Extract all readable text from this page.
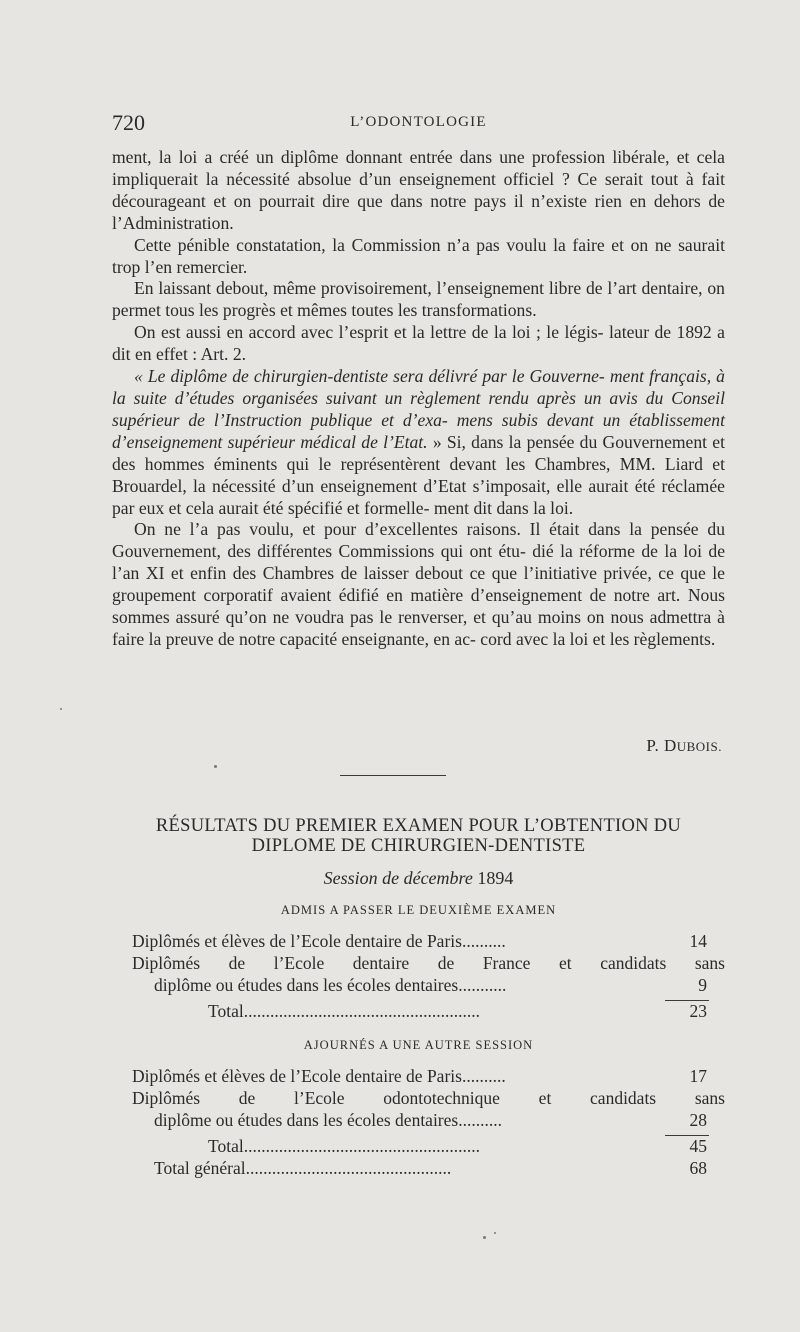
720	L’ODONTOLOGIE

ment, la loi a créé un diplôme donnant entrée dans une profession libérale, et cela impliquerait la nécessité absolue d’un enseignement officiel ? Ce serait tout à fait décourageant et on pourrait dire que dans notre pays il n’existe rien en dehors de l’Administration.

Cette pénible constatation, la Commission n’a pas voulu la faire et on ne saurait trop l’en remercier.

En laissant debout, même provisoirement, l’enseignement libre de l’art dentaire, on permet tous les progrès et mêmes toutes les transformations.

On est aussi en accord avec l’esprit et la lettre de la loi ; le légis- lateur de 1892 a dit en effet : Art. 2.

« Le diplôme de chirurgien-dentiste sera délivré par le Gouverne- ment français, à la suite d’études organisées suivant un règlement rendu après un avis du Conseil supérieur de l’Instruction publique et d’exa- mens subis devant un établissement d’enseignement supérieur médical de l’Etat. » Si, dans la pensée du Gouvernement et des hommes éminents qui le représentèrent devant les Chambres, MM. Liard et Brouardel, la nécessité d’un enseignement d’Etat s’imposait, elle aurait été réclamée par eux et cela aurait été spécifié et formelle- ment dit dans la loi.

On ne l’a pas voulu, et pour d’excellentes raisons. Il était dans la pensée du Gouvernement, des différentes Commissions qui ont étu- dié la réforme de la loi de l’an XI et enfin des Chambres de laisser debout ce que l’initiative privée, ce que le groupement corporatif avaient édifié en matière d’enseignement de notre art. Nous sommes assuré qu’on ne voudra pas le renverser, et qu’au moins on nous admettra à faire la preuve de notre capacité enseignante, en ac- cord avec la loi et les règlements.

P. DUBOIS.

RÉSULTATS DU PREMIER EXAMEN POUR L’OBTENTION DU

DIPLOME DE CHIRURGIEN-DENTISTE

Session de décembre 1894
ADMIS A PASSER LE DEUXIÈME EXAMEN
Diplômés et élèves de l’Ecole dentaire de Paris..........	14
Diplômés de l’Ecole dentaire de France et candidats sans
diplôme ou études dans les écoles dentaires...........	9
Total......................................................	23
AJOURNÉS A UNE AUTRE SESSION
Diplômés et élèves de l’Ecole dentaire de Paris..........	17
Diplômés de l’Ecole odontotechnique et candidats sans
diplôme ou études dans les écoles dentaires..........	28
Total......................................................	45
Total général...............................................	68
